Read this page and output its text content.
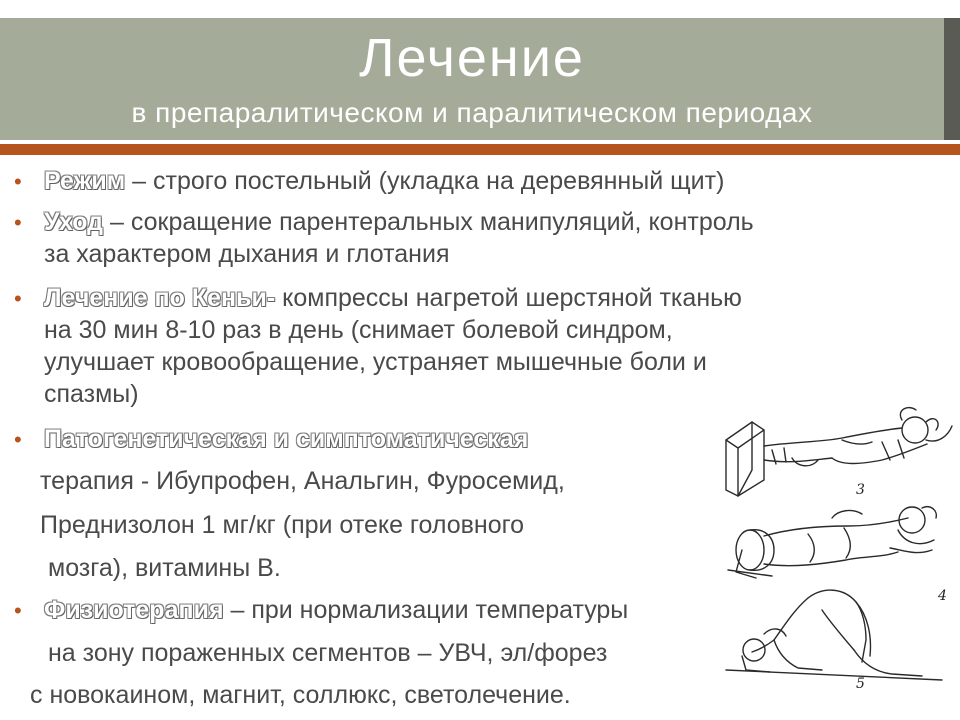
Лечение
в препаралитическом и паралитическом периодах
• Режим – строго постельный (укладка на деревянный щит)
• Уход – сокращение парентеральных манипуляций, контроль
за характером дыхания и глотания
• Лечение по Кеньи- компрессы нагретой шерстяной тканью
на 30 мин 8-10 раз в день (снимает болевой синдром,
улучшает кровообращение, устраняет мышечные боли и
спазмы)
• Патогенетическая и симптоматическая
терапия - Ибупрофен, Анальгин, Фуросемид,
Преднизолон 1 мг/кг (при отеке головного
мозга), витамины В.
• Физиотерапия – при нормализации температуры
на зону пораженных сегментов – УВЧ, эл/форез
с новокаином, магнит, соллюкс, светолечение.
3
4
5
